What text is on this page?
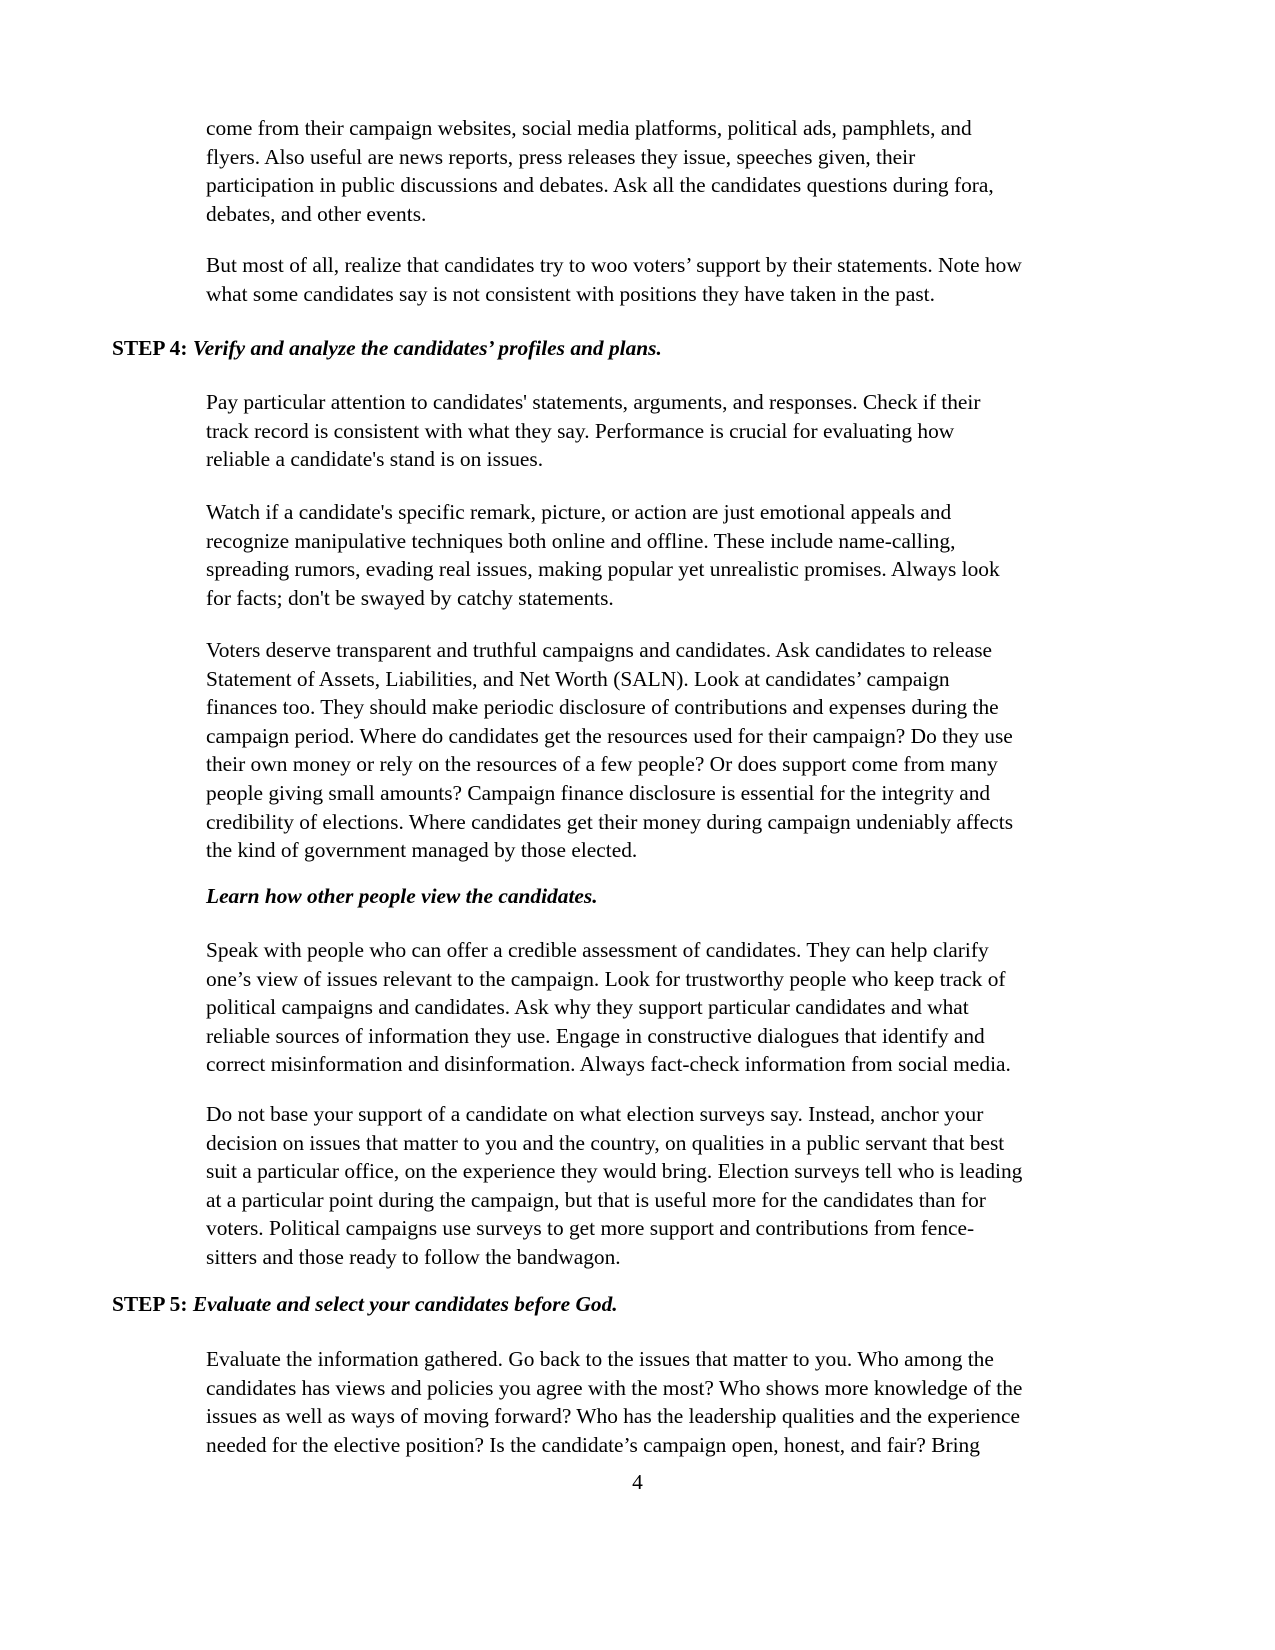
come from their campaign websites, social media platforms, political ads, pamphlets, and
flyers. Also useful are news reports, press releases they issue, speeches given, their
participation in public discussions and debates. Ask all the candidates questions during fora,
debates, and other events.
But most of all, realize that candidates try to woo voters’ support by their statements. Note how
what some candidates say is not consistent with positions they have taken in the past.

STEP 4: Verify and analyze the candidates’ profiles and plans.

Pay particular attention to candidates' statements, arguments, and responses. Check if their
track record is consistent with what they say. Performance is crucial for evaluating how
reliable a candidate's stand is on issues.
Watch if a candidate's specific remark, picture, or action are just emotional appeals and
recognize manipulative techniques both online and offline. These include name-calling,
spreading rumors, evading real issues, making popular yet unrealistic promises. Always look
for facts; don't be swayed by catchy statements.
Voters deserve transparent and truthful campaigns and candidates. Ask candidates to release
Statement of Assets, Liabilities, and Net Worth (SALN). Look at candidates’ campaign
finances too. They should make periodic disclosure of contributions and expenses during the
campaign period. Where do candidates get the resources used for their campaign? Do they use
their own money or rely on the resources of a few people? Or does support come from many
people giving small amounts? Campaign finance disclosure is essential for the integrity and
credibility of elections. Where candidates get their money during campaign undeniably affects
the kind of government managed by those elected.

Learn how other people view the candidates.

Speak with people who can offer a credible assessment of candidates. They can help clarify
one’s view of issues relevant to the campaign. Look for trustworthy people who keep track of
political campaigns and candidates. Ask why they support particular candidates and what
reliable sources of information they use. Engage in constructive dialogues that identify and
correct misinformation and disinformation. Always fact-check information from social media.
Do not base your support of a candidate on what election surveys say. Instead, anchor your
decision on issues that matter to you and the country, on qualities in a public servant that best
suit a particular office, on the experience they would bring. Election surveys tell who is leading
at a particular point during the campaign, but that is useful more for the candidates than for
voters. Political campaigns use surveys to get more support and contributions from fence-
sitters and those ready to follow the bandwagon.

STEP 5: Evaluate and select your candidates before God.

Evaluate the information gathered. Go back to the issues that matter to you. Who among the
candidates has views and policies you agree with the most? Who shows more knowledge of the
issues as well as ways of moving forward? Who has the leadership qualities and the experience
needed for the elective position? Is the candidate’s campaign open, honest, and fair? Bring

4
